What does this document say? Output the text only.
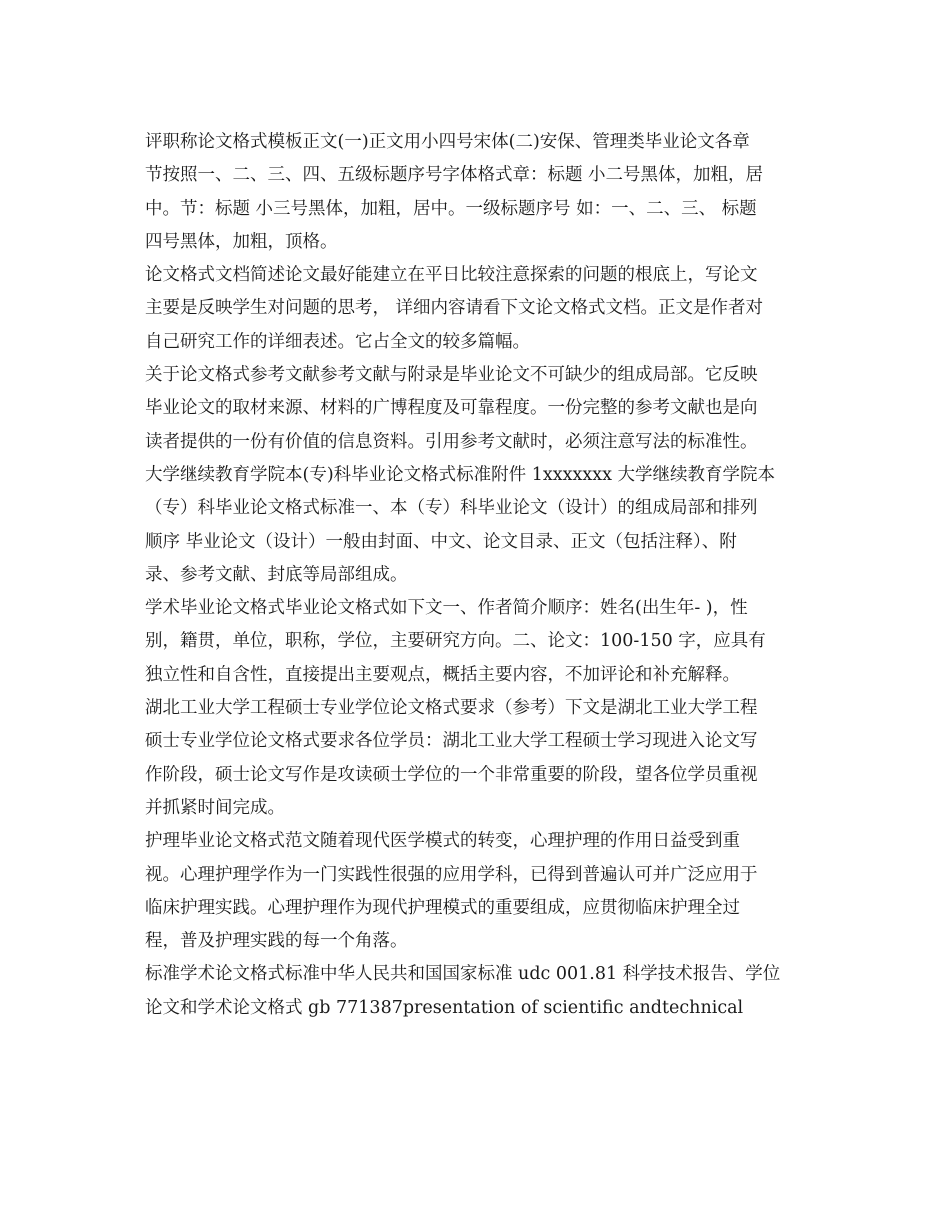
评职称论文格式模板正文(一)正文用小四号宋体(二)安保、管理类毕业论文各章
节按照一、二、三、四、五级标题序号字体格式章：标题 小二号黑体，加粗，居
中。节：标题 小三号黑体，加粗，居中。一级标题序号 如：一、二、三、 标题
四号黑体，加粗，顶格。
论文格式文档简述论文最好能建立在平日比较注意探索的问题的根底上，写论文
主要是反映学生对问题的思考， 详细内容请看下文论文格式文档。正文是作者对
自己研究工作的详细表述。它占全文的较多篇幅。
关于论文格式参考文献参考文献与附录是毕业论文不可缺少的组成局部。它反映
毕业论文的取材来源、材料的广博程度及可靠程度。一份完整的参考文献也是向
读者提供的一份有价值的信息资料。引用参考文献时，必须注意写法的标准性。
大学继续教育学院本(专)科毕业论文格式标准附件 1xxxxxxx 大学继续教育学院本
（专）科毕业论文格式标准一、本（专）科毕业论文（设计）的组成局部和排列
顺序 毕业论文（设计）一般由封面、中文、论文目录、正文（包括注释）、附
录、参考文献、封底等局部组成。
学术毕业论文格式毕业论文格式如下文一、作者简介顺序：姓名(出生年- )，性
别，籍贯，单位，职称，学位，主要研究方向。二、论文：100-150 字，应具有
独立性和自含性，直接提出主要观点，概括主要内容，不加评论和补充解释。
湖北工业大学工程硕士专业学位论文格式要求（参考）下文是湖北工业大学工程
硕士专业学位论文格式要求各位学员：湖北工业大学工程硕士学习现进入论文写
作阶段，硕士论文写作是攻读硕士学位的一个非常重要的阶段，望各位学员重视
并抓紧时间完成。
护理毕业论文格式范文随着现代医学模式的转变，心理护理的作用日益受到重
视。心理护理学作为一门实践性很强的应用学科，已得到普遍认可并广泛应用于
临床护理实践。心理护理作为现代护理模式的重要组成，应贯彻临床护理全过
程，普及护理实践的每一个角落。
标准学术论文格式标准中华人民共和国国家标准 udc 001.81 科学技术报告、学位
论文和学术论文格式 gb 771387presentation of scientific andtechnical
